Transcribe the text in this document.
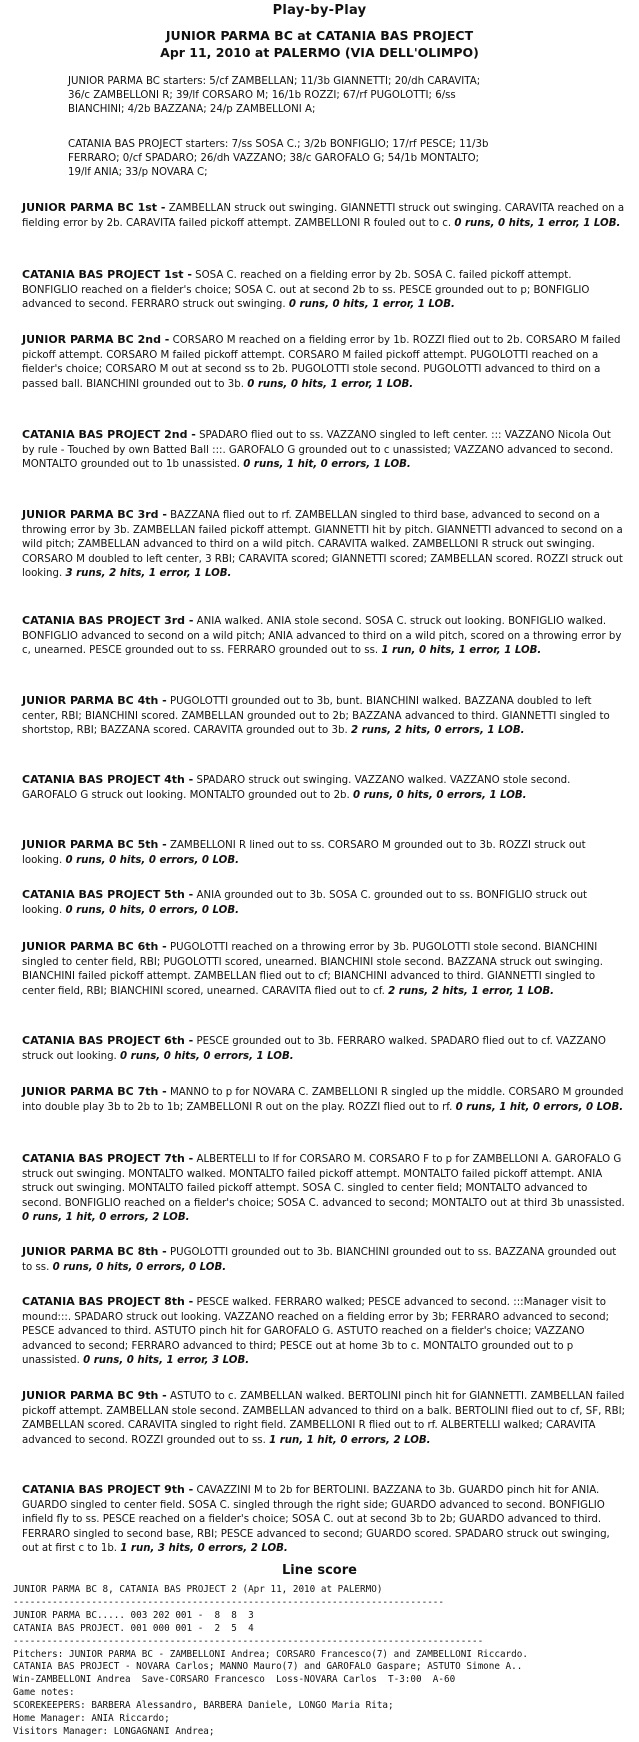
Play-by-Play
JUNIOR PARMA BC at CATANIA BAS PROJECT
Apr 11, 2010 at PALERMO (VIA DELL'OLIMPO)
JUNIOR PARMA BC starters: 5/cf ZAMBELLAN; 11/3b GIANNETTI; 20/dh CARAVITA;
36/c ZAMBELLONI R; 39/lf CORSARO M; 16/1b ROZZI; 67/rf PUGOLOTTI; 6/ss
BIANCHINI; 4/2b BAZZANA; 24/p ZAMBELLONI A;
CATANIA BAS PROJECT starters: 7/ss SOSA C.; 3/2b BONFIGLIO; 17/rf PESCE; 11/3b
FERRARO; 0/cf SPADARO; 26/dh VAZZANO; 38/c GAROFALO G; 54/1b MONTALTO;
19/lf ANIA; 33/p NOVARA C;

JUNIOR PARMA BC 1st - ZAMBELLAN struck out swinging. GIANNETTI struck out swinging. CARAVITA reached on a fielding error by 2b. CARAVITA failed pickoff attempt. ZAMBELLONI R fouled out to c. 0 runs, 0 hits, 1 error, 1 LOB.

CATANIA BAS PROJECT 1st - SOSA C. reached on a fielding error by 2b. SOSA C. failed pickoff attempt. BONFIGLIO reached on a fielder's choice; SOSA C. out at second 2b to ss. PESCE grounded out to p; BONFIGLIO advanced to second. FERRARO struck out swinging. 0 runs, 0 hits, 1 error, 1 LOB.

JUNIOR PARMA BC 2nd - CORSARO M reached on a fielding error by 1b. ROZZI flied out to 2b. CORSARO M failed pickoff attempt. CORSARO M failed pickoff attempt. CORSARO M failed pickoff attempt. PUGOLOTTI reached on a fielder's choice; CORSARO M out at second ss to 2b. PUGOLOTTI stole second. PUGOLOTTI advanced to third on a passed ball. BIANCHINI grounded out to 3b. 0 runs, 0 hits, 1 error, 1 LOB.

CATANIA BAS PROJECT 2nd - SPADARO flied out to ss. VAZZANO singled to left center. ::: VAZZANO Nicola Out by rule - Touched by own Batted Ball :::. GAROFALO G grounded out to c unassisted; VAZZANO advanced to second. MONTALTO grounded out to 1b unassisted. 0 runs, 1 hit, 0 errors, 1 LOB.

JUNIOR PARMA BC 3rd - BAZZANA flied out to rf. ZAMBELLAN singled to third base, advanced to second on a throwing error by 3b. ZAMBELLAN failed pickoff attempt. GIANNETTI hit by pitch. GIANNETTI advanced to second on a wild pitch; ZAMBELLAN advanced to third on a wild pitch. CARAVITA walked. ZAMBELLONI R struck out swinging. CORSARO M doubled to left center, 3 RBI; CARAVITA scored; GIANNETTI scored; ZAMBELLAN scored. ROZZI struck out looking. 3 runs, 2 hits, 1 error, 1 LOB.

CATANIA BAS PROJECT 3rd - ANIA walked. ANIA stole second. SOSA C. struck out looking. BONFIGLIO walked. BONFIGLIO advanced to second on a wild pitch; ANIA advanced to third on a wild pitch, scored on a throwing error by c, unearned. PESCE grounded out to ss. FERRARO grounded out to ss. 1 run, 0 hits, 1 error, 1 LOB.

JUNIOR PARMA BC 4th - PUGOLOTTI grounded out to 3b, bunt. BIANCHINI walked. BAZZANA doubled to left center, RBI; BIANCHINI scored. ZAMBELLAN grounded out to 2b; BAZZANA advanced to third. GIANNETTI singled to shortstop, RBI; BAZZANA scored. CARAVITA grounded out to 3b. 2 runs, 2 hits, 0 errors, 1 LOB.

CATANIA BAS PROJECT 4th - SPADARO struck out swinging. VAZZANO walked. VAZZANO stole second. GAROFALO G struck out looking. MONTALTO grounded out to 2b. 0 runs, 0 hits, 0 errors, 1 LOB.

JUNIOR PARMA BC 5th - ZAMBELLONI R lined out to ss. CORSARO M grounded out to 3b. ROZZI struck out looking. 0 runs, 0 hits, 0 errors, 0 LOB.

CATANIA BAS PROJECT 5th - ANIA grounded out to 3b. SOSA C. grounded out to ss. BONFIGLIO struck out looking. 0 runs, 0 hits, 0 errors, 0 LOB.

JUNIOR PARMA BC 6th - PUGOLOTTI reached on a throwing error by 3b. PUGOLOTTI stole second. BIANCHINI singled to center field, RBI; PUGOLOTTI scored, unearned. BIANCHINI stole second. BAZZANA struck out swinging. BIANCHINI failed pickoff attempt. ZAMBELLAN flied out to cf; BIANCHINI advanced to third. GIANNETTI singled to center field, RBI; BIANCHINI scored, unearned. CARAVITA flied out to cf. 2 runs, 2 hits, 1 error, 1 LOB.

CATANIA BAS PROJECT 6th - PESCE grounded out to 3b. FERRARO walked. SPADARO flied out to cf. VAZZANO struck out looking. 0 runs, 0 hits, 0 errors, 1 LOB.

JUNIOR PARMA BC 7th - MANNO to p for NOVARA C. ZAMBELLONI R singled up the middle. CORSARO M grounded into double play 3b to 2b to 1b; ZAMBELLONI R out on the play. ROZZI flied out to rf. 0 runs, 1 hit, 0 errors, 0 LOB.

CATANIA BAS PROJECT 7th - ALBERTELLI to lf for CORSARO M. CORSARO F to p for ZAMBELLONI A. GAROFALO G struck out swinging. MONTALTO walked. MONTALTO failed pickoff attempt. MONTALTO failed pickoff attempt. ANIA struck out swinging. MONTALTO failed pickoff attempt. SOSA C. singled to center field; MONTALTO advanced to second. BONFIGLIO reached on a fielder's choice; SOSA C. advanced to second; MONTALTO out at third 3b unassisted. 0 runs, 1 hit, 0 errors, 2 LOB.

JUNIOR PARMA BC 8th - PUGOLOTTI grounded out to 3b. BIANCHINI grounded out to ss. BAZZANA grounded out to ss. 0 runs, 0 hits, 0 errors, 0 LOB.

CATANIA BAS PROJECT 8th - PESCE walked. FERRARO walked; PESCE advanced to second. :::Manager visit to mound:::. SPADARO struck out looking. VAZZANO reached on a fielding error by 3b; FERRARO advanced to second; PESCE advanced to third. ASTUTO pinch hit for GAROFALO G. ASTUTO reached on a fielder's choice; VAZZANO advanced to second; FERRARO advanced to third; PESCE out at home 3b to c. MONTALTO grounded out to p unassisted. 0 runs, 0 hits, 1 error, 3 LOB.

JUNIOR PARMA BC 9th - ASTUTO to c. ZAMBELLAN walked. BERTOLINI pinch hit for GIANNETTI. ZAMBELLAN failed pickoff attempt. ZAMBELLAN stole second. ZAMBELLAN advanced to third on a balk. BERTOLINI flied out to cf, SF, RBI; ZAMBELLAN scored. CARAVITA singled to right field. ZAMBELLONI R flied out to rf. ALBERTELLI walked; CARAVITA advanced to second. ROZZI grounded out to ss. 1 run, 1 hit, 0 errors, 2 LOB.

CATANIA BAS PROJECT 9th - CAVAZZINI M to 2b for BERTOLINI. BAZZANA to 3b. GUARDO pinch hit for ANIA. GUARDO singled to center field. SOSA C. singled through the right side; GUARDO advanced to second. BONFIGLIO infield fly to ss. PESCE reached on a fielder's choice; SOSA C. out at second 3b to 2b; GUARDO advanced to third. FERRARO singled to second base, RBI; PESCE advanced to second; GUARDO scored. SPADARO struck out swinging, out at first c to 1b. 1 run, 3 hits, 0 errors, 2 LOB.

Line score
JUNIOR PARMA BC 8, CATANIA BAS PROJECT 2 (Apr 11, 2010 at PALERMO)
-----------------------------------------------------------------------------
JUNIOR PARMA BC..... 003 202 001 -  8  8  3
CATANIA BAS PROJECT. 001 000 001 -  2  5  4
------------------------------------------------------------------------------------
Pitchers: JUNIOR PARMA BC - ZAMBELLONI Andrea; CORSARO Francesco(7) and ZAMBELLONI Riccardo.
CATANIA BAS PROJECT - NOVARA Carlos; MANNO Mauro(7) and GAROFALO Gaspare; ASTUTO Simone A..
Win-ZAMBELLONI Andrea  Save-CORSARO Francesco  Loss-NOVARA Carlos  T-3:00  A-60
Game notes:
SCOREKEEPERS: BARBERA Alessandro, BARBERA Daniele, LONGO Maria Rita;
Home Manager: ANIA Riccardo;
Visitors Manager: LONGAGNANI Andrea;
